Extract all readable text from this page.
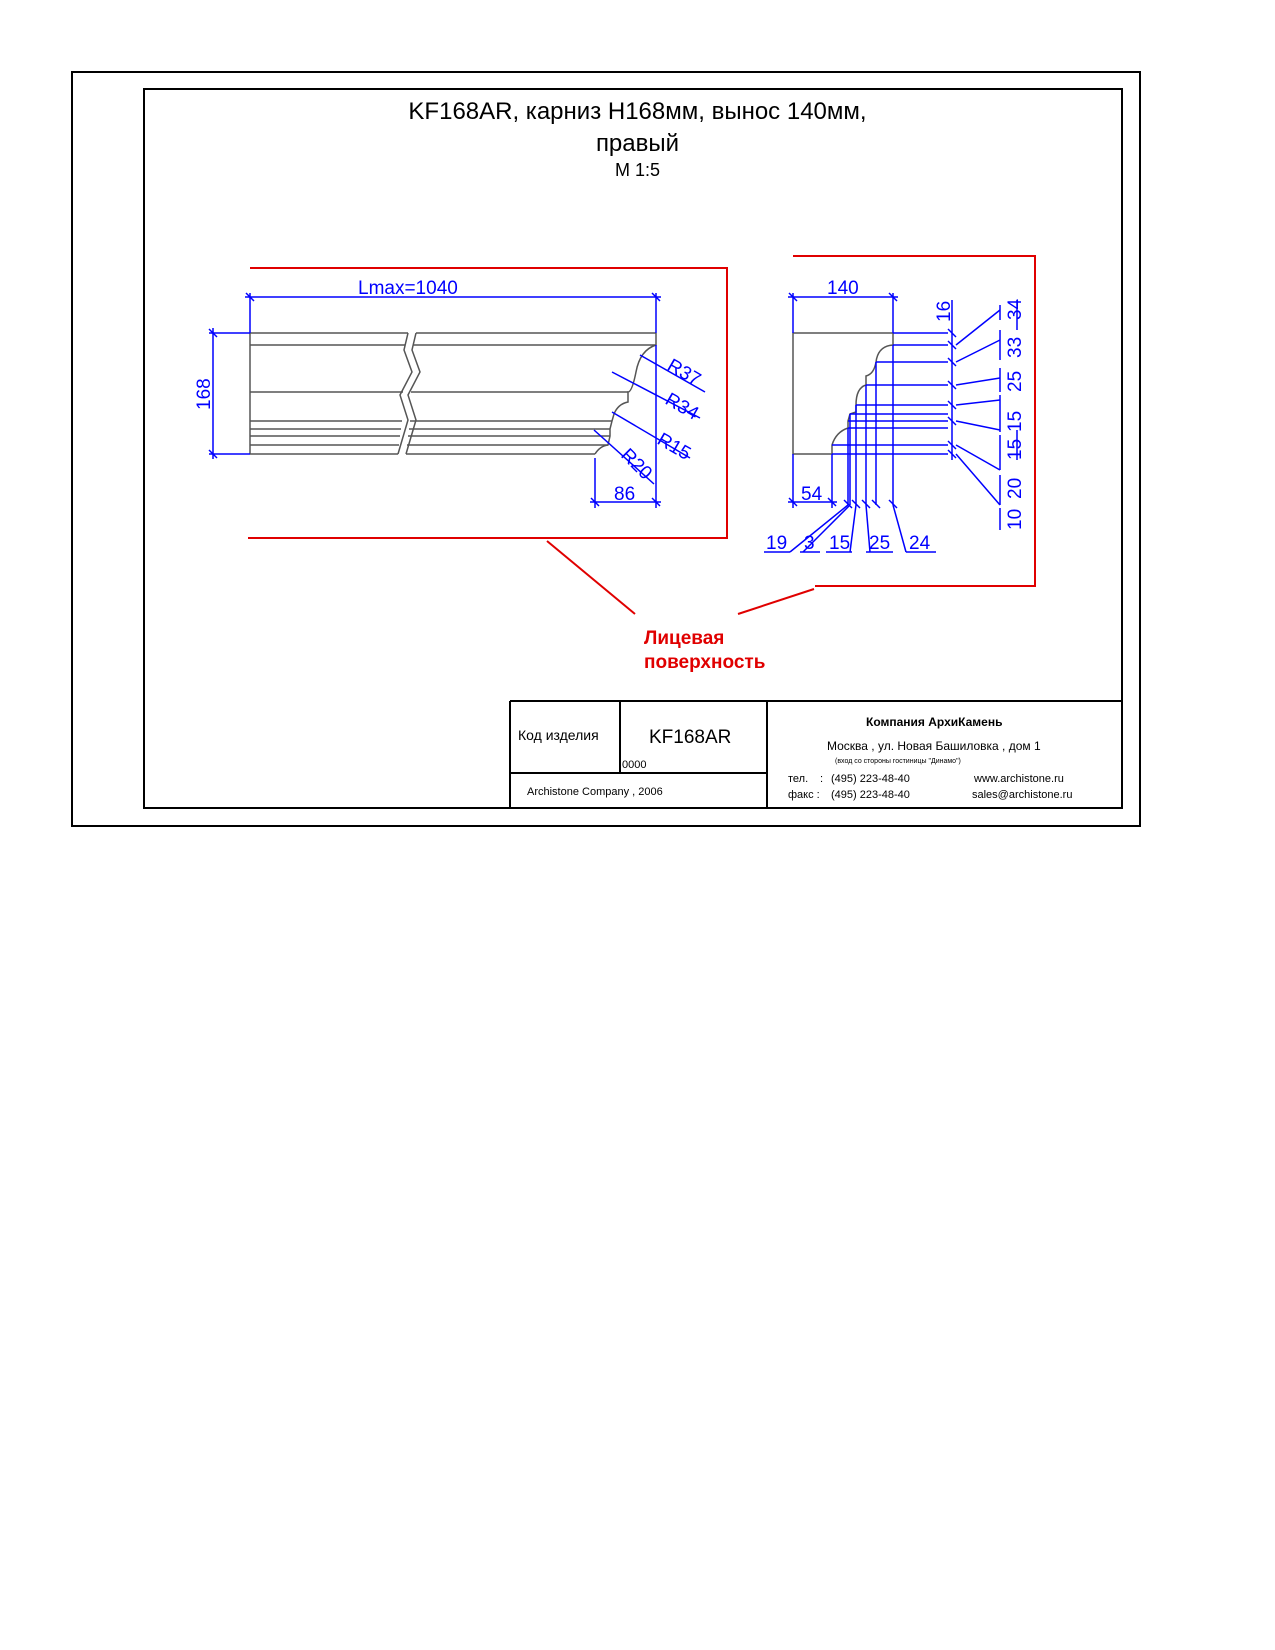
KF168AR, карниз H168мм, вынос 140мм,
правый
М 1:5
Lmax=1040
168
R37
R34
R15
R20
86
140
54
16	34
33
25
15
15
20
10
19 3 15 25 24
Лицевая
поверхность
Код изделия	KF168AR
0000
Archistone Company , 2006
Компания АрхиКамень
Москва , ул. Новая Башиловка , дом 1
(вход со стороны гостиницы "Динамо")
тел. : (495) 223-48-40
факс : (495) 223-48-40
www.archistone.ru
sales@archistone.ru
